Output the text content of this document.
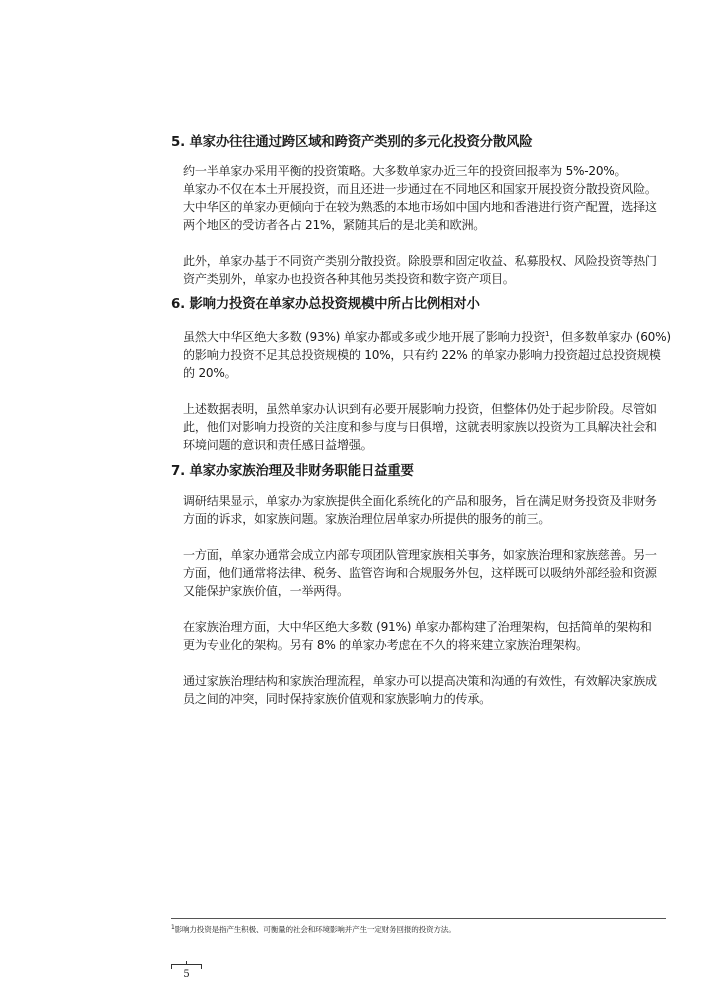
5. 单家办往往通过跨区域和跨资产类别的多元化投资分散风险

约一半单家办采用平衡的投资策略。大多数单家办近三年的投资回报率为 5%-20%。
单家办不仅在本土开展投资，而且还进一步通过在不同地区和国家开展投资分散投资风险。
大中华区的单家办更倾向于在较为熟悉的本地市场如中国内地和香港进行资产配置，选择这
两个地区的受访者各占 21%，紧随其后的是北美和欧洲。

此外，单家办基于不同资产类别分散投资。除股票和固定收益、私募股权、风险投资等热门
资产类别外，单家办也投资各种其他另类投资和数字资产项目。

6. 影响力投资在单家办总投资规模中所占比例相对小

虽然大中华区绝大多数 (93%) 单家办都或多或少地开展了影响力投资$^1$，但多数单家办 (60%)
的影响力投资不足其总投资规模的 10%，只有约 22% 的单家办影响力投资超过总投资规模
的 20%。

上述数据表明，虽然单家办认识到有必要开展影响力投资，但整体仍处于起步阶段。尽管如
此，他们对影响力投资的关注度和参与度与日俱增，这就表明家族以投资为工具解决社会和
环境问题的意识和责任感日益增强。

7. 单家办家族治理及非财务职能日益重要

调研结果显示，单家办为家族提供全面化系统化的产品和服务，旨在满足财务投资及非财务
方面的诉求，如家族问题。家族治理位居单家办所提供的服务的前三。

一方面，单家办通常会成立内部专项团队管理家族相关事务，如家族治理和家族慈善。另一
方面，他们通常将法律、税务、监管咨询和合规服务外包，这样既可以吸纳外部经验和资源
又能保护家族价值，一举两得。

在家族治理方面，大中华区绝大多数 (91%) 单家办都构建了治理架构，包括简单的架构和
更为专业化的架构。另有 8% 的单家办考虑在不久的将来建立家族治理架构。

通过家族治理结构和家族治理流程，单家办可以提高决策和沟通的有效性，有效解决家族成
员之间的冲突，同时保持家族价值观和家族影响力的传承。

$^1$影响力投资是指产生积极、可衡量的社会和环境影响并产生一定财务回报的投资方法。
5
